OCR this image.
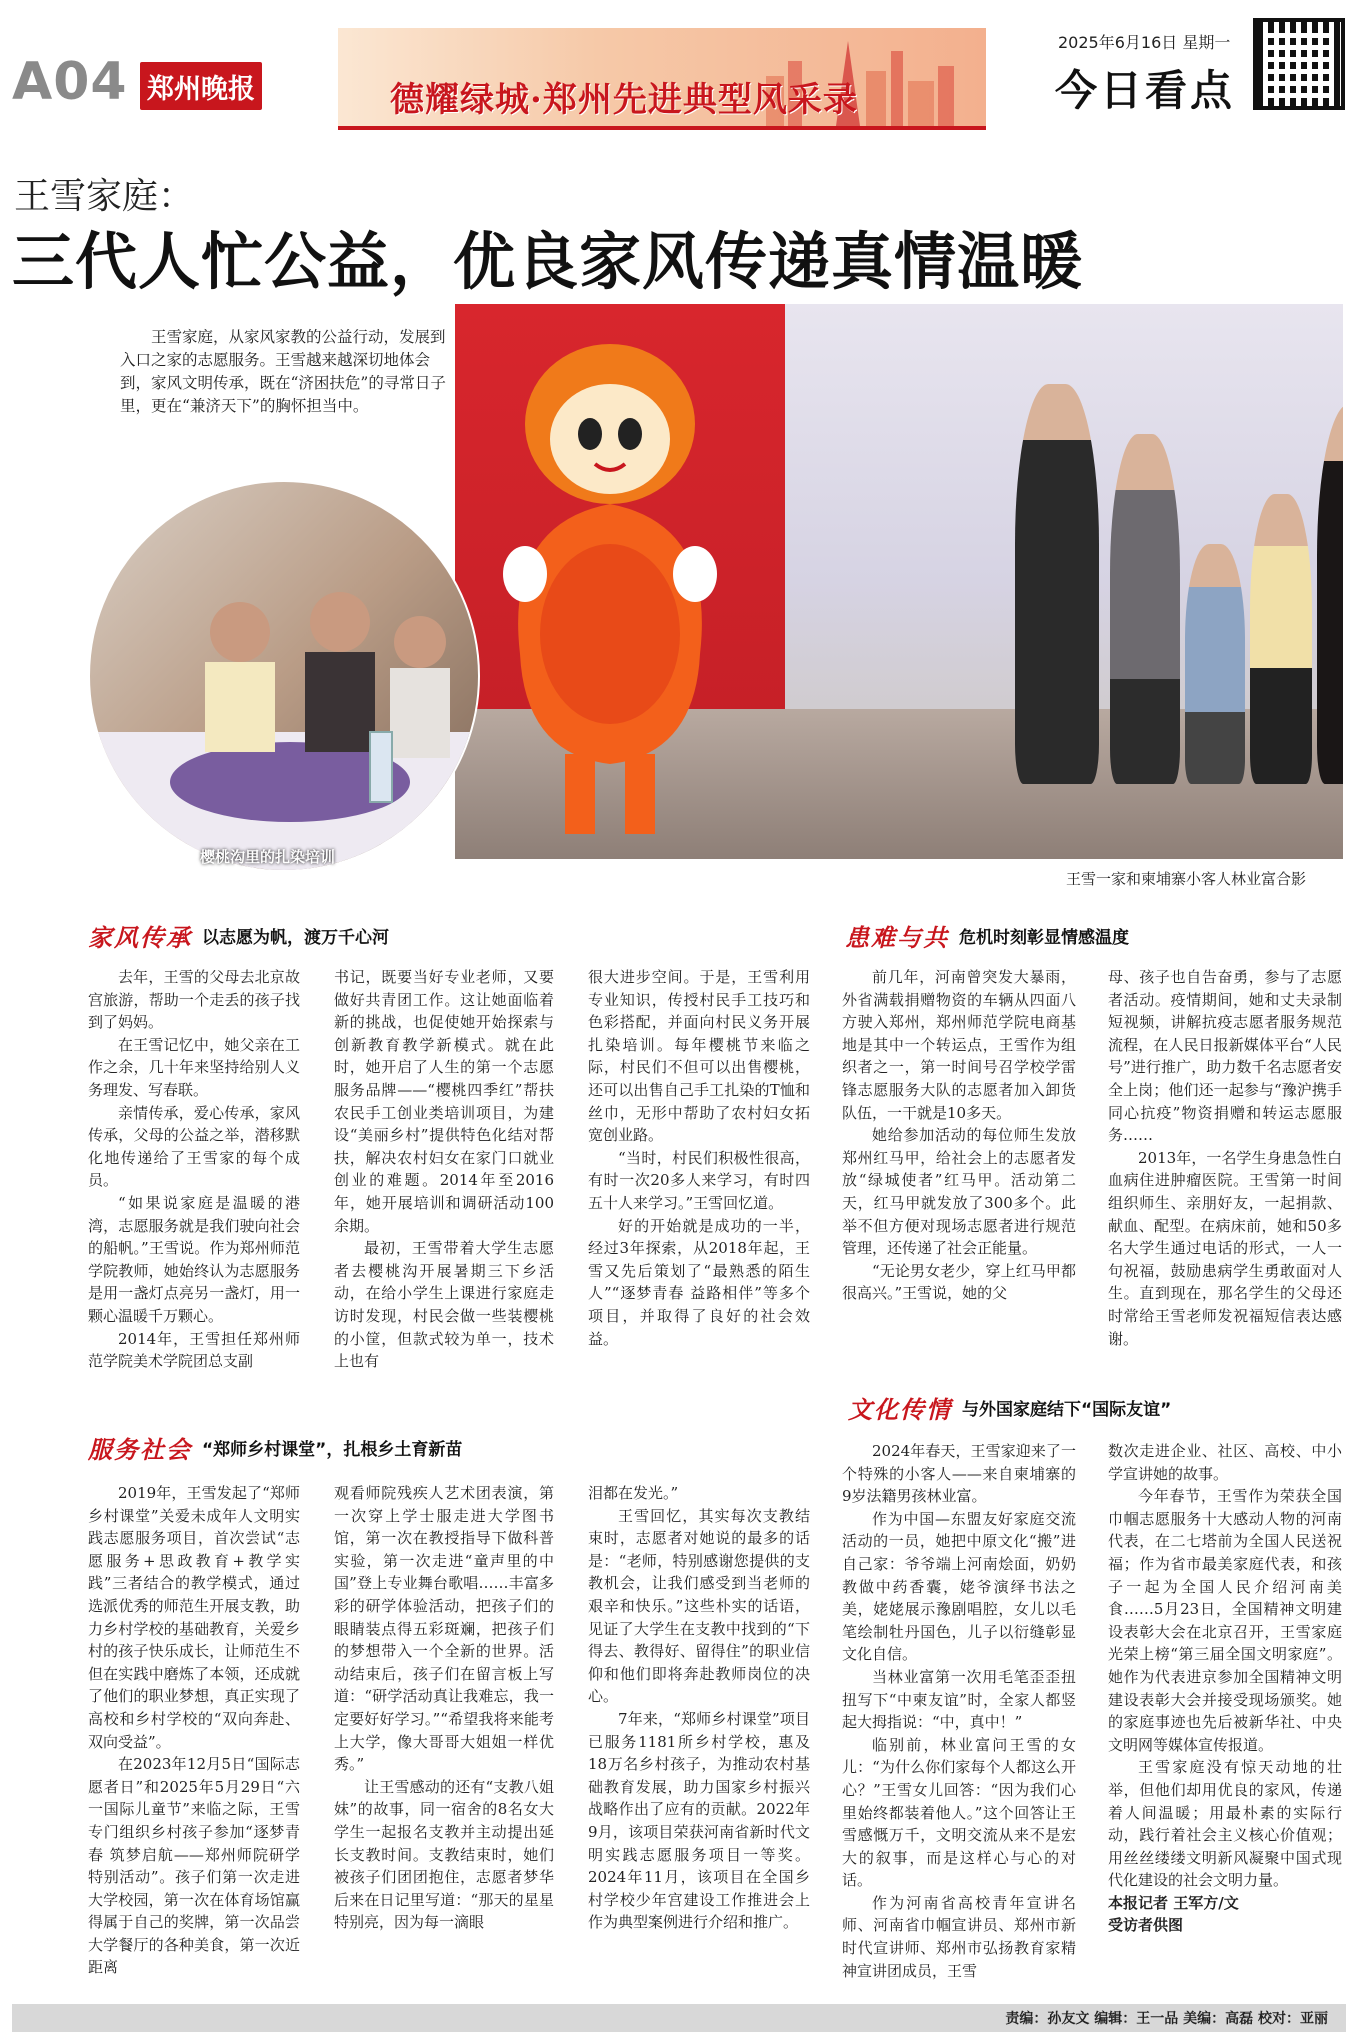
A04 郑州晚报	德耀绿城·郑州先进典型风采录
2025年6月16日 星期一
今日看点
王雪家庭：
三代人忙公益，优良家风传递真情温暖
王雪家庭，从家风家教的公益行动，发展到入口之家的志愿服务。王雪越来越深切地体会到，家风文明传承，既在“济困扶危”的寻常日子里，更在“兼济天下”的胸怀担当中。
王雪一家和柬埔寨小客人林业富合影
樱桃沟里的扎染培训
家风传承 以志愿为帆，渡万千心河

去年，王雪的父母去北京故宫旅游，帮助一个走丢的孩子找到了妈妈。

在王雪记忆中，她父亲在工作之余，几十年来坚持给别人义务理发、写春联。

亲情传承，爱心传承，家风传承，父母的公益之举，潜移默化地传递给了王雪家的每个成员。

“如果说家庭是温暖的港湾，志愿服务就是我们驶向社会的船帆。”王雪说。作为郑州师范学院教师，她始终认为志愿服务是用一盏灯点亮另一盏灯，用一颗心温暖千万颗心。

2014年，王雪担任郑州师范学院美术学院团总支副

书记，既要当好专业老师，又要做好共青团工作。这让她面临着新的挑战，也促使她开始探索与创新教育教学新模式。就在此时，她开启了人生的第一个志愿服务品牌——“樱桃四季红”帮扶农民手工创业类培训项目，为建设“美丽乡村”提供特色化结对帮扶，解决农村妇女在家门口就业创业的难题。2014年至2016年，她开展培训和调研活动100余期。

最初，王雪带着大学生志愿者去樱桃沟开展暑期三下乡活动，在给小学生上课进行家庭走访时发现，村民会做一些装樱桃的小筐，但款式较为单一，技术上也有

很大进步空间。于是，王雪利用专业知识，传授村民手工技巧和色彩搭配，并面向村民义务开展扎染培训。每年樱桃节来临之际，村民们不但可以出售樱桃，还可以出售自己手工扎染的T恤和丝巾，无形中帮助了农村妇女拓宽创业路。

“当时，村民们积极性很高，有时一次20多人来学习，有时四五十人来学习。”王雪回忆道。

好的开始就是成功的一半，经过3年探索，从2018年起，王雪又先后策划了“最熟悉的陌生人”“逐梦青春 益路相伴”等多个项目，并取得了良好的社会效益。

患难与共 危机时刻彰显情感温度

前几年，河南曾突发大暴雨，外省满载捐赠物资的车辆从四面八方驶入郑州，郑州师范学院电商基地是其中一个转运点，王雪作为组织者之一，第一时间号召学校学雷锋志愿服务大队的志愿者加入卸货队伍，一干就是10多天。

她给参加活动的每位师生发放郑州红马甲，给社会上的志愿者发放“绿城使者”红马甲。活动第二天，红马甲就发放了300多个。此举不但方便对现场志愿者进行规范管理，还传递了社会正能量。

“无论男女老少，穿上红马甲都很高兴。”王雪说，她的父

母、孩子也自告奋勇，参与了志愿者活动。疫情期间，她和丈夫录制短视频，讲解抗疫志愿者服务规范流程，在人民日报新媒体平台“人民号”进行推广，助力数千名志愿者安全上岗；他们还一起参与“豫沪携手 同心抗疫”物资捐赠和转运志愿服务……

2013年，一名学生身患急性白血病住进肿瘤医院。王雪第一时间组织师生、亲朋好友，一起捐款、献血、配型。在病床前，她和50多名大学生通过电话的形式，一人一句祝福，鼓励患病学生勇敢面对人生。直到现在，那名学生的父母还时常给王雪老师发祝福短信表达感谢。

服务社会 “郑师乡村课堂”，扎根乡土育新苗

2019年，王雪发起了“郑师乡村课堂”关爱未成年人文明实践志愿服务项目，首次尝试“志愿服务+思政教育+教学实践”三者结合的教学模式，通过选派优秀的师范生开展支教，助力乡村学校的基础教育，关爱乡村的孩子快乐成长，让师范生不但在实践中磨炼了本领，还成就了他们的职业梦想，真正实现了高校和乡村学校的“双向奔赴、双向受益”。

在2023年12月5日“国际志愿者日”和2025年5月29日“六一国际儿童节”来临之际，王雪专门组织乡村孩子参加“逐梦青春 筑梦启航——郑州师院研学特别活动”。孩子们第一次走进大学校园，第一次在体育场馆赢得属于自己的奖牌，第一次品尝大学餐厅的各种美食，第一次近距离

观看师院残疾人艺术团表演，第一次穿上学士服走进大学图书馆，第一次在教授指导下做科普实验，第一次走进“童声里的中国”登上专业舞台歌唱……丰富多彩的研学体验活动，把孩子们的眼睛装点得五彩斑斓，把孩子们的梦想带入一个全新的世界。活动结束后，孩子们在留言板上写道：“研学活动真让我难忘，我一定要好好学习。”“希望我将来能考上大学，像大哥哥大姐姐一样优秀。”

让王雪感动的还有“支教八姐妹”的故事，同一宿舍的8名女大学生一起报名支教并主动提出延长支教时间。支教结束时，她们被孩子们团团抱住，志愿者梦华后来在日记里写道：“那天的星星特别亮，因为每一滴眼

泪都在发光。”

王雪回忆，其实每次支教结束时，志愿者对她说的最多的话是：“老师，特别感谢您提供的支教机会，让我们感受到当老师的艰辛和快乐。”这些朴实的话语，见证了大学生在支教中找到的“下得去、教得好、留得住”的职业信仰和他们即将奔赴教师岗位的决心。

7年来，“郑师乡村课堂”项目已服务1181所乡村学校，惠及18万名乡村孩子，为推动农村基础教育发展，助力国家乡村振兴战略作出了应有的贡献。2022年9月，该项目荣获河南省新时代文明实践志愿服务项目一等奖。2024年11月，该项目在全国乡村学校少年宫建设工作推进会上作为典型案例进行介绍和推广。

文化传情 与外国家庭结下“国际友谊”

2024年春天，王雪家迎来了一个特殊的小客人——来自柬埔寨的9岁法籍男孩林业富。

作为中国—东盟友好家庭交流活动的一员，她把中原文化“搬”进自己家：爷爷端上河南烩面，奶奶教做中药香囊，姥爷演绎书法之美，姥姥展示豫剧唱腔，女儿以毛笔绘制牡丹国色，儿子以衍缝彰显文化自信。

当林业富第一次用毛笔歪歪扭扭写下“中柬友谊”时，全家人都竖起大拇指说：“中，真中！”

临别前，林业富问王雪的女儿：“为什么你们家每个人都这么开心？”王雪女儿回答：“因为我们心里始终都装着他人。”这个回答让王雪感慨万千，文明交流从来不是宏大的叙事，而是这样心与心的对话。

作为河南省高校青年宣讲名师、河南省巾帼宣讲员、郑州市新时代宣讲师、郑州市弘扬教育家精神宣讲团成员，王雪

数次走进企业、社区、高校、中小学宣讲她的故事。

今年春节，王雪作为荣获全国巾帼志愿服务十大感动人物的河南代表，在二七塔前为全国人民送祝福；作为省市最美家庭代表，和孩子一起为全国人民介绍河南美食……5月23日，全国精神文明建设表彰大会在北京召开，王雪家庭光荣上榜“第三届全国文明家庭”。她作为代表进京参加全国精神文明建设表彰大会并接受现场颁奖。她的家庭事迹也先后被新华社、中央文明网等媒体宣传报道。

王雪家庭没有惊天动地的壮举，但他们却用优良的家风，传递着人间温暖；用最朴素的实际行动，践行着社会主义核心价值观；用丝丝缕缕文明新风凝聚中国式现代化建设的社会文明力量。

本报记者 王军方/文
受访者供图
责编：孙友文 编辑：王一品 美编：高磊 校对：亚丽
